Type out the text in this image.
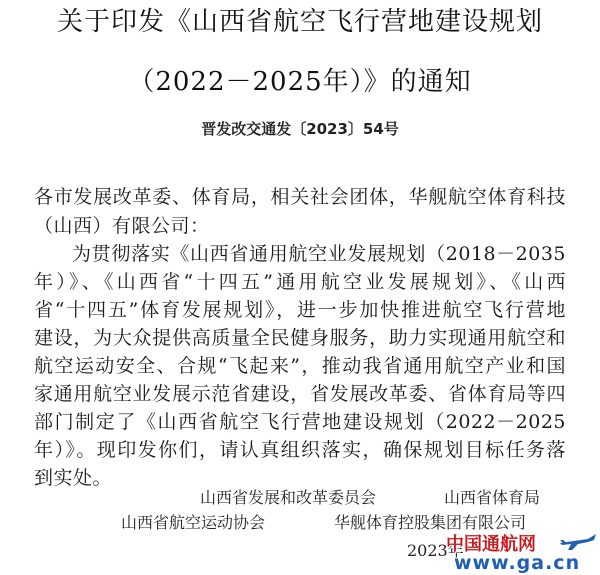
关于印发《山西省航空飞行营地建设规划
（2022－2025年）》的通知
晋发改交通发〔2023〕54号
各市发展改革委、体育局，相关社会团体，华舰航空体育科技
（山西）有限公司：
为贯彻落实《山西省通用航空业发展规划（2018－2035
年）》、《山西省“十四五”通用航空业发展规划》、《山西
省“十四五”体育发展规划》，进一步加快推进航空飞行营地
建设，为大众提供高质量全民健身服务，助力实现通用航空和
航空运动安全、合规“飞起来”，推动我省通用航空产业和国
家通用航空业发展示范省建设，省发展改革委、省体育局等四
部门制定了《山西省航空飞行营地建设规划（2022－2025
年）》。现印发你们，请认真组织落实，确保规划目标任务落
到实处。
山西省发展和改革委员会	山西省体育局
山西省航空运动协会	华舰体育控股集团有限公司
2023年
中国通航网
www.ga.cn
